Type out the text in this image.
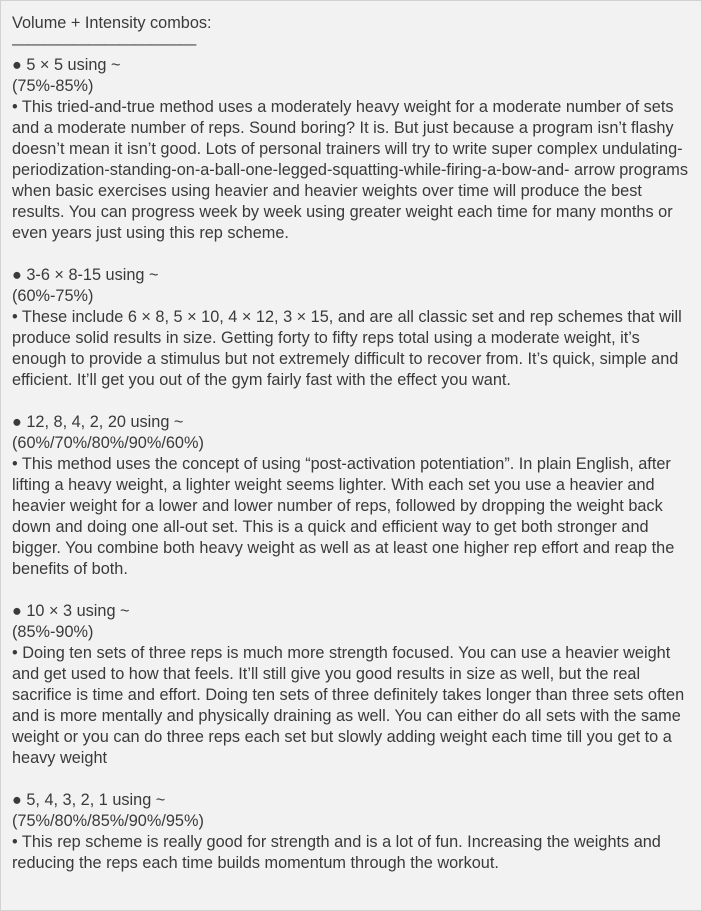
Volume + Intensity combos:
————————————
● 5 × 5 using ~
(75%-85%)

• This tried-and-true method uses a moderately heavy weight for a moderate number of sets and a moderate number of reps. Sound boring? It is. But just because a program isn’t flashy doesn’t mean it isn’t good. Lots of personal trainers will try to write super complex undulating-periodization-standing-on-a-ball-one-legged-squatting-while-firing-a-bow-and- arrow programs when basic exercises using heavier and heavier weights over time will produce the best results. You can progress week by week using greater weight each time for many months or even years just using this rep scheme.

● 3-6 × 8-15 using ~
(60%-75%)

• These include 6 × 8, 5 × 10, 4 × 12, 3 × 15, and are all classic set and rep schemes that will produce solid results in size. Getting forty to fifty reps total using a moderate weight, it’s enough to provide a stimulus but not extremely difficult to recover from. It’s quick, simple and efficient. It’ll get you out of the gym fairly fast with the effect you want.

● 12, 8, 4, 2, 20 using ~
(60%/70%/80%/90%/60%)

• This method uses the concept of using “post-activation potentiation”. In plain English, after lifting a heavy weight, a lighter weight seems lighter. With each set you use a heavier and heavier weight for a lower and lower number of reps, followed by dropping the weight back down and doing one all-out set. This is a quick and efficient way to get both stronger and bigger. You combine both heavy weight as well as at least one higher rep effort and reap the benefits of both.

● 10 × 3 using ~
(85%-90%)

• Doing ten sets of three reps is much more strength focused. You can use a heavier weight and get used to how that feels. It’ll still give you good results in size as well, but the real sacrifice is time and effort. Doing ten sets of three definitely takes longer than three sets often and is more mentally and physically draining as well. You can either do all sets with the same weight or you can do three reps each set but slowly adding weight each time till you get to a heavy weight

● 5, 4, 3, 2, 1 using ~
(75%/80%/85%/90%/95%)

• This rep scheme is really good for strength and is a lot of fun. Increasing the weights and reducing the reps each time builds momentum through the workout.
